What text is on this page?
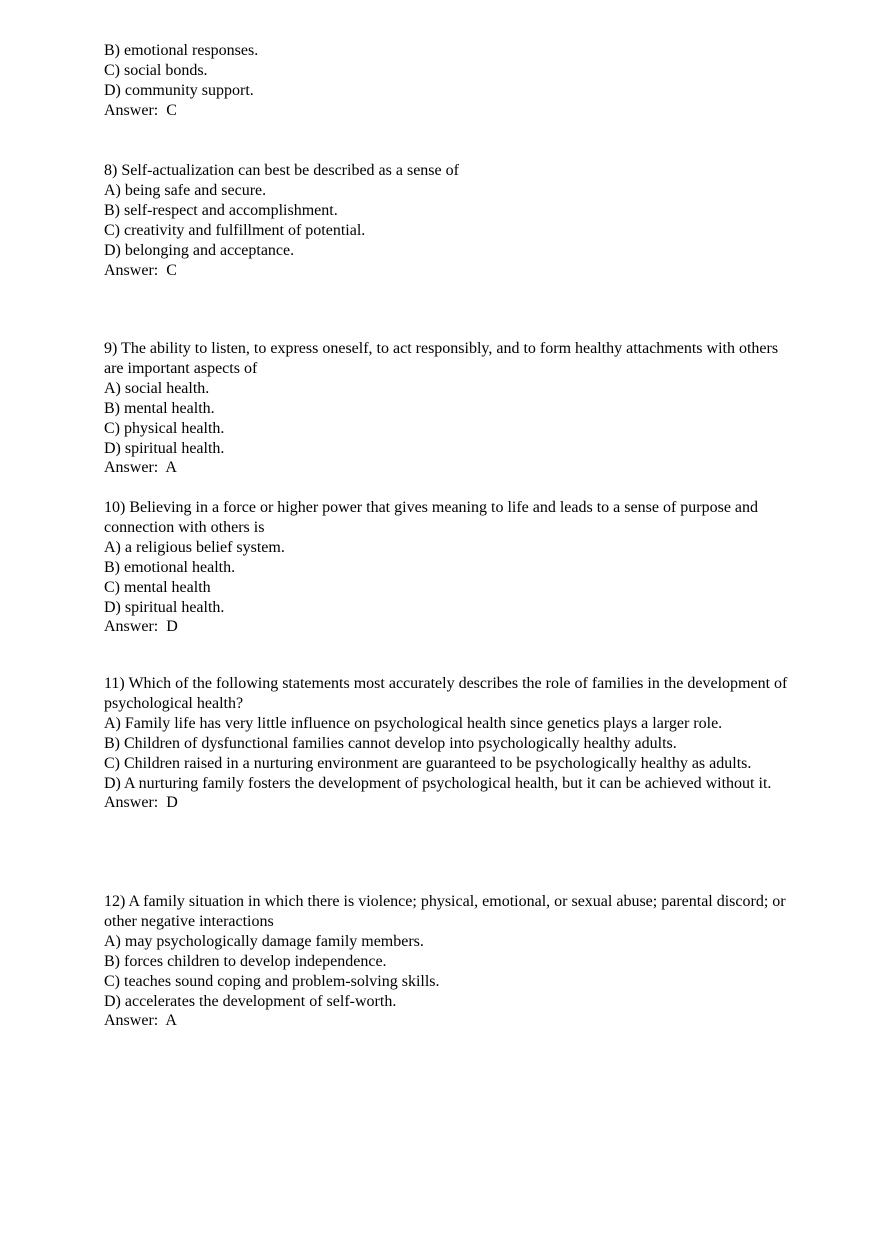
B) emotional responses.
C) social bonds.
D) community support.
Answer:  C
8) Self-actualization can best be described as a sense of
A) being safe and secure.
B) self-respect and accomplishment.
C) creativity and fulfillment of potential.
D) belonging and acceptance.
Answer:  C
9) The ability to listen, to express oneself, to act responsibly, and to form healthy attachments with others are important aspects of
A) social health.
B) mental health.
C) physical health.
D) spiritual health.
Answer:  A
10) Believing in a force or higher power that gives meaning to life and leads to a sense of purpose and connection with others is
A) a religious belief system.
B) emotional health.
C) mental health
D) spiritual health.
Answer:  D
11) Which of the following statements most accurately describes the role of families in the development of psychological health?
A) Family life has very little influence on psychological health since genetics plays a larger role.
B) Children of dysfunctional families cannot develop into psychologically healthy adults.
C) Children raised in a nurturing environment are guaranteed to be psychologically healthy as adults.
D) A nurturing family fosters the development of psychological health, but it can be achieved without it.
Answer:  D
12) A family situation in which there is violence; physical, emotional, or sexual abuse; parental discord; or other negative interactions
A) may psychologically damage family members.
B) forces children to develop independence.
C) teaches sound coping and problem-solving skills.
D) accelerates the development of self-worth.
Answer:  A
